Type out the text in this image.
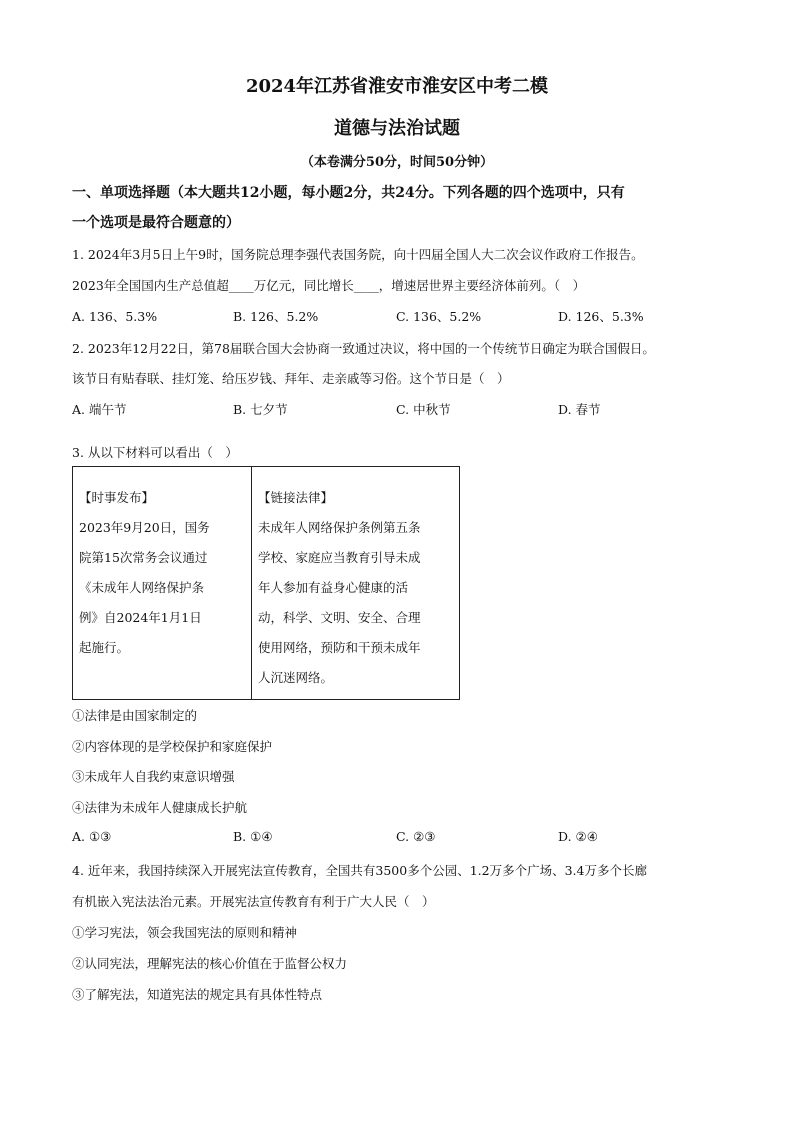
2024年江苏省淮安市淮安区中考二模
道德与法治试题
（本卷满分50分，时间50分钟）
一、单项选择题（本大题共12小题，每小题2分，共24分。下列各题的四个选项中，只有
一个选项是最符合题意的）
1. 2024年3月5日上午9时，国务院总理李强代表国务院，向十四届全国人大二次会议作政府工作报告。
2023年全国国内生产总值超____万亿元，同比增长____，增速居世界主要经济体前列。（　）
A. 136、5.3%	B. 126、5.2%	C. 136、5.2%	D. 126、5.3%
2. 2023年12月22日，第78届联合国大会协商一致通过决议，将中国的一个传统节日确定为联合国假日。
该节日有贴春联、挂灯笼、给压岁钱、拜年、走亲戚等习俗。这个节日是（　）
A. 端午节	B. 七夕节	C. 中秋节	D. 春节
3. 从以下材料可以看出（　）
【时事发布】
2023年9月20日，国务
院第15次常务会议通过
《未成年人网络保护条
例》自2024年1月1日
起施行。

【链接法律】
未成年人网络保护条例第五条
学校、家庭应当教育引导未成
年人参加有益身心健康的活
动，科学、文明、安全、合理
使用网络，预防和干预未成年
人沉迷网络。
①法律是由国家制定的
②内容体现的是学校保护和家庭保护
③未成年人自我约束意识增强
④法律为未成年人健康成长护航
A. ①③	B. ①④	C. ②③	D. ②④
4. 近年来，我国持续深入开展宪法宣传教育，全国共有3500多个公园、1.2万多个广场、3.4万多个长廊
有机嵌入宪法法治元素。开展宪法宣传教育有利于广大人民（　）
①学习宪法，领会我国宪法的原则和精神
②认同宪法，理解宪法的核心价值在于监督公权力
③了解宪法，知道宪法的规定具有具体性特点
